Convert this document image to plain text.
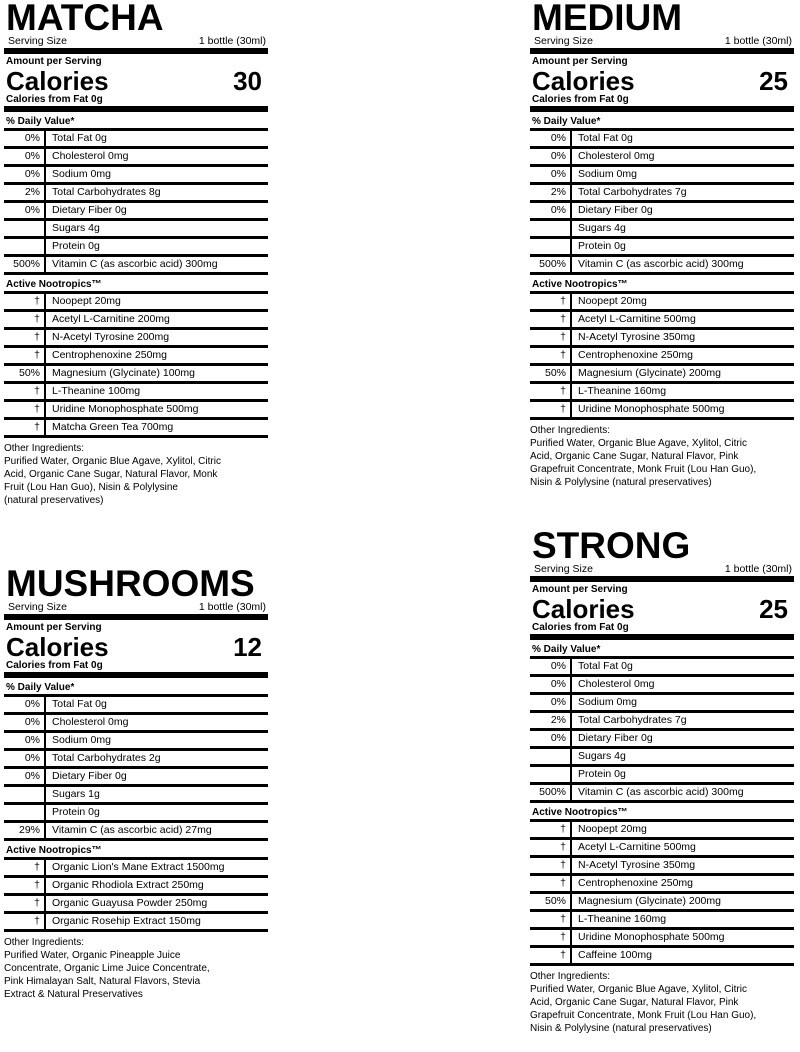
MATCHA
Serving Size	1 bottle (30ml)
Amount per Serving
Calories	30
Calories from Fat 0g
% Daily Value*
0%	Total Fat 0g
0%	Cholesterol 0mg
0%	Sodium 0mg
2%	Total Carbohydrates 8g
0%	Dietary Fiber 0g
Sugars 4g
Protein 0g
500%	Vitamin C (as ascorbic acid) 300mg
Active Nootropics™
†	Noopept 20mg
†	Acetyl L-Carnitine 200mg
†	N-Acetyl Tyrosine 200mg
†	Centrophenoxine 250mg
50%	Magnesium (Glycinate) 100mg
†	L-Theanine 100mg
†	Uridine Monophosphate 500mg
†	Matcha Green Tea 700mg
Other Ingredients:
Purified Water, Organic Blue Agave, Xylitol, Citric
Acid, Organic Cane Sugar, Natural Flavor, Monk
Fruit (Lou Han Guo), Nisin & Polylysine
(natural preservatives)
MEDIUM
Serving Size	1 bottle (30ml)
Amount per Serving
Calories	25
Calories from Fat 0g
% Daily Value*
0%	Total Fat 0g
0%	Cholesterol 0mg
0%	Sodium 0mg
2%	Total Carbohydrates 7g
0%	Dietary Fiber 0g
Sugars 4g
Protein 0g
500%	Vitamin C (as ascorbic acid) 300mg
Active Nootropics™
†	Noopept 20mg
†	Acetyl L-Carnitine 500mg
†	N-Acetyl Tyrosine 350mg
†	Centrophenoxine 250mg
50%	Magnesium (Glycinate) 200mg
†	L-Theanine 160mg
†	Uridine Monophosphate 500mg
Other Ingredients:
Purified Water, Organic Blue Agave, Xylitol, Citric
Acid, Organic Cane Sugar, Natural Flavor, Pink
Grapefruit Concentrate, Monk Fruit (Lou Han Guo),
Nisin & Polylysine (natural preservatives)
MUSHROOMS
Serving Size	1 bottle (30ml)
Amount per Serving
Calories	12
Calories from Fat 0g
% Daily Value*
0%	Total Fat 0g
0%	Cholesterol 0mg
0%	Sodium 0mg
0%	Total Carbohydrates 2g
0%	Dietary Fiber 0g
Sugars 1g
Protein 0g
29%	Vitamin C (as ascorbic acid) 27mg
Active Nootropics™
†	Organic Lion's Mane Extract 1500mg
†	Organic Rhodiola Extract 250mg
†	Organic Guayusa Powder 250mg
†	Organic Rosehip Extract 150mg
Other Ingredients:
Purified Water, Organic Pineapple Juice
Concentrate, Organic Lime Juice Concentrate,
Pink Himalayan Salt, Natural Flavors, Stevia
Extract & Natural Preservatives
STRONG
Serving Size	1 bottle (30ml)
Amount per Serving
Calories	25
Calories from Fat 0g
% Daily Value*
0%	Total Fat 0g
0%	Cholesterol 0mg
0%	Sodium 0mg
2%	Total Carbohydrates 7g
0%	Dietary Fiber 0g
Sugars 4g
Protein 0g
500%	Vitamin C (as ascorbic acid) 300mg
Active Nootropics™
†	Noopept 20mg
†	Acetyl L-Carnitine 500mg
†	N-Acetyl Tyrosine 350mg
†	Centrophenoxine 250mg
50%	Magnesium (Glycinate) 200mg
†	L-Theanine 160mg
†	Uridine Monophosphate 500mg
†	Caffeine 100mg
Other Ingredients:
Purified Water, Organic Blue Agave, Xylitol, Citric
Acid, Organic Cane Sugar, Natural Flavor, Pink
Grapefruit Concentrate, Monk Fruit (Lou Han Guo),
Nisin & Polylysine (natural preservatives)
